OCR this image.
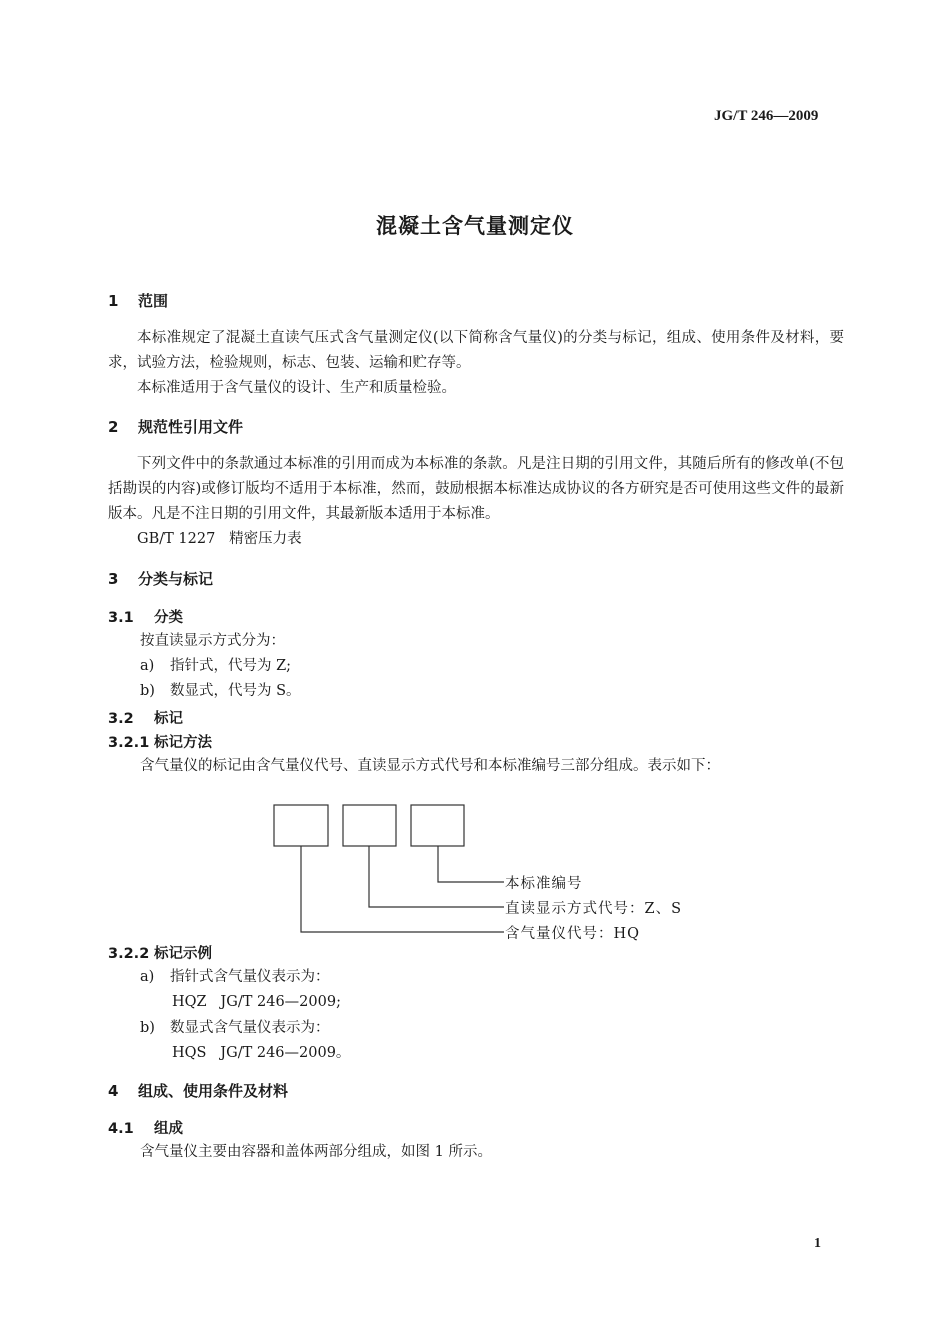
JG/T 246—2009
混凝土含气量测定仪
1 范围
本标准规定了混凝土直读气压式含气量测定仪(以下简称含气量仪)的分类与标记，组成、使用条件及材料，要求，试验方法，检验规则，标志、包装、运输和贮存等。
本标准适用于含气量仪的设计、生产和质量检验。
2 规范性引用文件
下列文件中的条款通过本标准的引用而成为本标准的条款。凡是注日期的引用文件，其随后所有的修改单(不包括勘误的内容)或修订版均不适用于本标准，然而，鼓励根据本标准达成协议的各方研究是否可使用这些文件的最新版本。凡是不注日期的引用文件，其最新版本适用于本标准。
GB/T 1227 精密压力表
3 分类与标记
3.1 分类
按直读显示方式分为：
a) 指针式，代号为 Z;
b) 数显式，代号为 S。
3.2 标记
3.2.1 标记方法
含气量仪的标记由含气量仪代号、直读显示方式代号和本标准编号三部分组成。表示如下：
本标准编号
直读显示方式代号：Z、S
含气量仪代号：HQ
3.2.2 标记示例
a) 指针式含气量仪表示为：
HQZ   JG/T 246—2009;
b) 数显式含气量仪表示为：
HQS   JG/T 246—2009。
4 组成、使用条件及材料
4.1 组成
含气量仪主要由容器和盖体两部分组成，如图 1 所示。
1
